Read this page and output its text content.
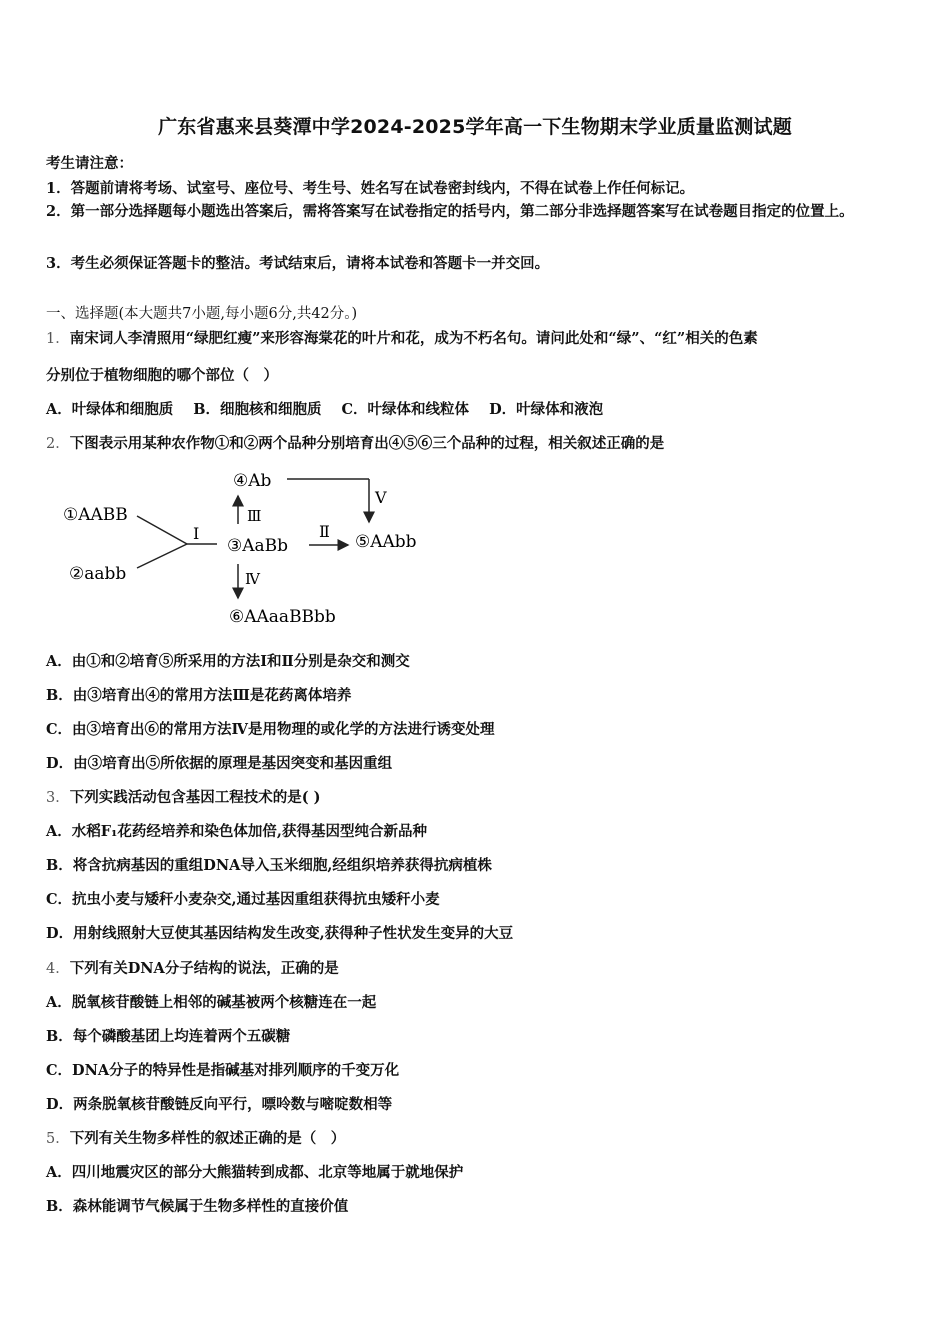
广东省惠来县葵潭中学2024-2025学年高一下生物期末学业质量监测试题
考生请注意：
1．答题前请将考场、试室号、座位号、考生号、姓名写在试卷密封线内，不得在试卷上作任何标记。
2．第一部分选择题每小题选出答案后，需将答案写在试卷指定的括号内，第二部分非选择题答案写在试卷题目指定的位置上。
3．考生必须保证答题卡的整洁。考试结束后，请将本试卷和答题卡一并交回。
一、选择题(本大题共7小题,每小题6分,共42分。)
1．南宋词人李清照用“绿肥红瘦”来形容海棠花的叶片和花，成为不朽名句。请问此处和“绿”、“红”相关的色素
分别位于植物细胞的哪个部位（　）
A．叶绿体和细胞质 B．细胞核和细胞质 C．叶绿体和线粒体 D．叶绿体和液泡
2．下图表示用某种农作物①和②两个品种分别培育出④⑤⑥三个品种的过程，相关叙述正确的是
①AABB
②aabb
Ⅰ
③AaBb
④Ab
Ⅲ
Ⅴ
Ⅱ
⑤AAbb
Ⅳ
⑥AAaaBBbb
A．由①和②培育⑤所采用的方法Ⅰ和Ⅱ分别是杂交和测交
B．由③培育出④的常用方法Ⅲ是花药离体培养
C．由③培育出⑥的常用方法Ⅳ是用物理的或化学的方法进行诱变处理
D．由③培育出⑤所依据的原理是基因突变和基因重组
3．下列实践活动包含基因工程技术的是( )
A．水稻F₁花药经培养和染色体加倍,获得基因型纯合新品种
B．将含抗病基因的重组DNA导入玉米细胞,经组织培养获得抗病植株
C．抗虫小麦与矮秆小麦杂交,通过基因重组获得抗虫矮秆小麦
D．用射线照射大豆使其基因结构发生改变,获得种子性状发生变异的大豆
4．下列有关DNA分子结构的说法，正确的是
A．脱氧核苷酸链上相邻的碱基被两个核糖连在一起
B．每个磷酸基团上均连着两个五碳糖
C．DNA分子的特异性是指碱基对排列顺序的千变万化
D．两条脱氧核苷酸链反向平行，嘌呤数与嘧啶数相等
5．下列有关生物多样性的叙述正确的是（　）
A．四川地震灾区的部分大熊猫转到成都、北京等地属于就地保护
B．森林能调节气候属于生物多样性的直接价值
